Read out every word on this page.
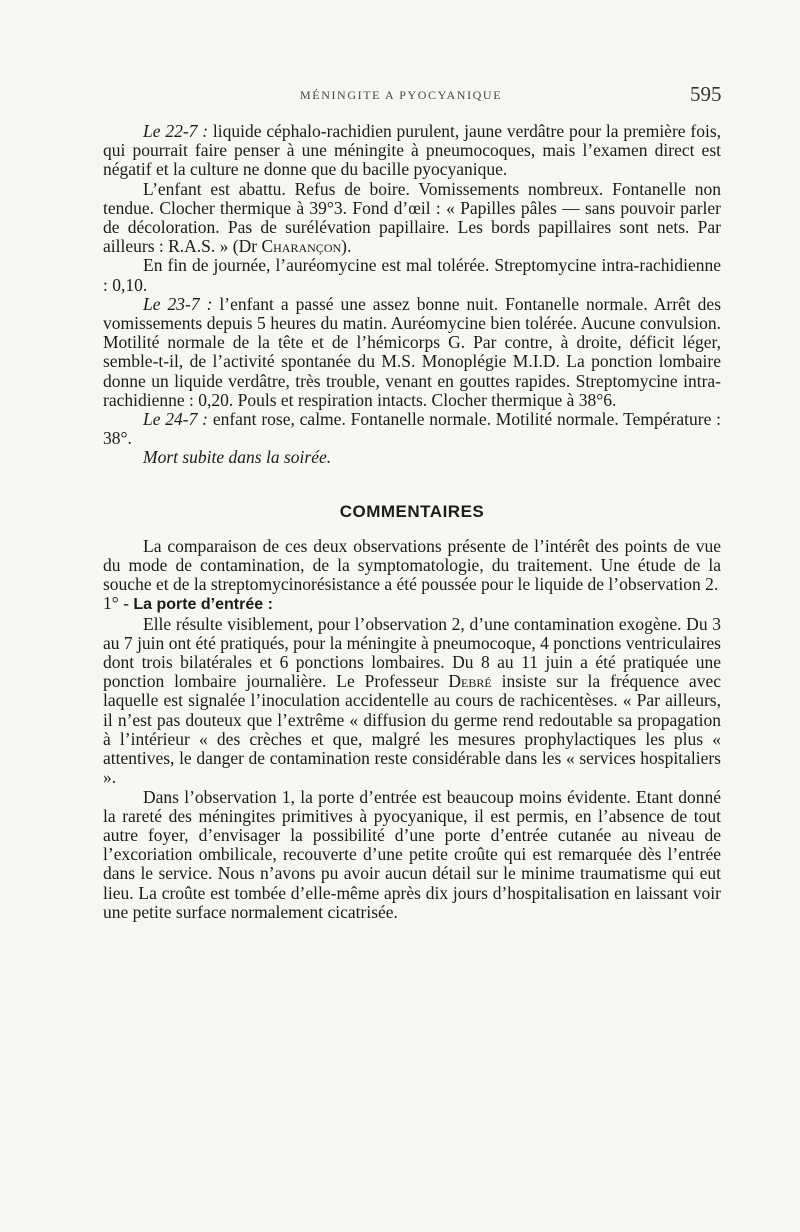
MÉNINGITE A PYOCYANIQUE	595

Le 22-7 : liquide céphalo-rachidien purulent, jaune verdâtre pour la première fois, qui pourrait faire penser à une méningite à pneumocoques, mais l’examen direct est négatif et la culture ne donne que du bacille pyocyanique.

L’enfant est abattu. Refus de boire. Vomissements nombreux. Fontanelle non tendue. Clocher thermique à 39°3. Fond d’œil : « Papilles pâles — sans pouvoir parler de décoloration. Pas de surélévation papillaire. Les bords papillaires sont nets. Par ailleurs : R.A.S. » (Dr Charançon).

En fin de journée, l’auréomycine est mal tolérée. Streptomycine intra-rachidienne : 0,10.

Le 23-7 : l’enfant a passé une assez bonne nuit. Fontanelle normale. Arrêt des vomissements depuis 5 heures du matin. Auréomycine bien tolérée. Aucune convulsion. Motilité normale de la tête et de l’hémicorps G. Par contre, à droite, déficit léger, semble-t-il, de l’activité spontanée du M.S. Monoplégie M.I.D. La ponction lombaire donne un liquide verdâtre, très trouble, venant en gouttes rapides. Streptomycine intra-rachidienne : 0,20. Pouls et respiration intacts. Clocher thermique à 38°6.

Le 24-7 : enfant rose, calme. Fontanelle normale. Motilité normale. Température : 38°.

Mort subite dans la soirée.

COMMENTAIRES

La comparaison de ces deux observations présente de l’intérêt des points de vue du mode de contamination, de la symptomatologie, du traitement. Une étude de la souche et de la streptomycinorésistance a été poussée pour le liquide de l’observation 2.

1° - La porte d’entrée :

Elle résulte visiblement, pour l’observation 2, d’une contamination exogène. Du 3 au 7 juin ont été pratiqués, pour la méningite à pneumocoque, 4 ponctions ventriculaires dont trois bilatérales et 6 ponctions lombaires. Du 8 au 11 juin a été pratiquée une ponction lombaire journalière. Le Professeur Debré insiste sur la fréquence avec laquelle est signalée l’inoculation accidentelle au cours de rachicentèses. « Par ailleurs, il n’est pas douteux que l’extrême « diffusion du germe rend redoutable sa propagation à l’intérieur « des crèches et que, malgré les mesures prophylactiques les plus « attentives, le danger de contamination reste considérable dans les « services hospitaliers ».

Dans l’observation 1, la porte d’entrée est beaucoup moins évidente. Etant donné la rareté des méningites primitives à pyocyanique, il est permis, en l’absence de tout autre foyer, d’envisager la possibilité d’une porte d’entrée cutanée au niveau de l’excoriation ombilicale, recouverte d’une petite croûte qui est remarquée dès l’entrée dans le service. Nous n’avons pu avoir aucun détail sur le minime traumatisme qui eut lieu. La croûte est tombée d’elle-même après dix jours d’hospitalisation en laissant voir une petite surface normalement cicatrisée.
